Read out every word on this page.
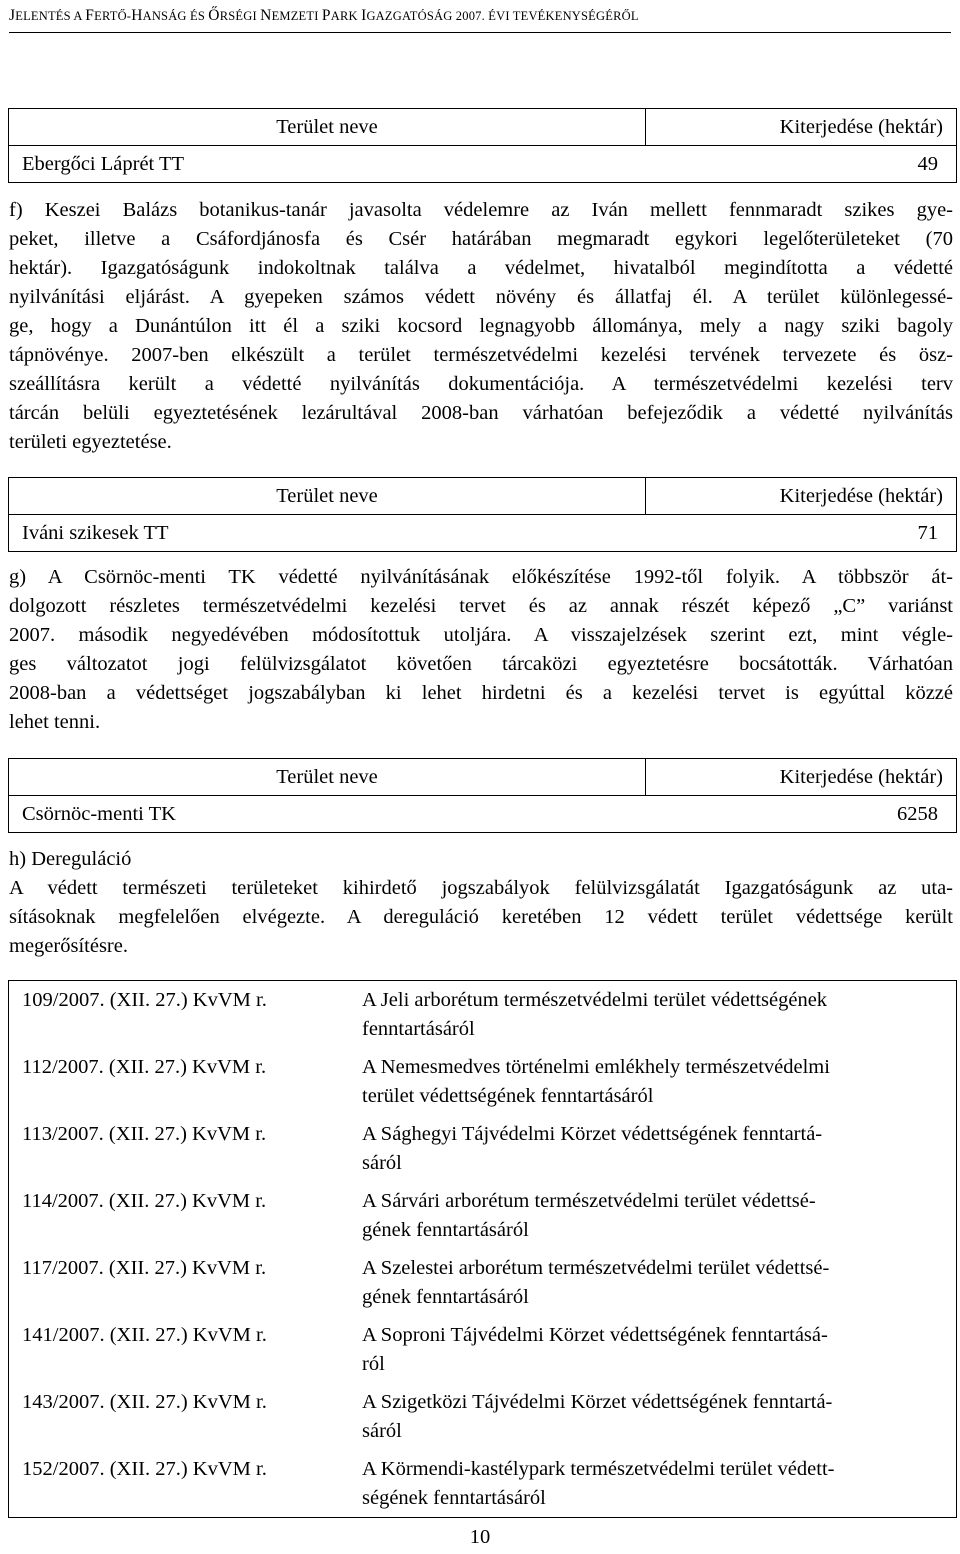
JELENTÉS A FERTŐ-HANSÁG ÉS ŐRSÉGI NEMZETI PARK IGAZGATÓSÁG 2007. ÉVI TEVÉKENYSÉGÉRŐL
Terület neve	Kiterjedése (hektár)

Ebergőci Láprét TT	49
f) Keszei Balázs botanikus-tanár javasolta védelemre az Iván mellett fennmaradt szikes gye-
peket, illetve a Csáfordjánosfa és Csér határában megmaradt egykori legelőterületeket (70
hektár). Igazgatóságunk indokoltnak találva a védelmet, hivatalból megindította a védetté
nyilvánítási eljárást. A gyepeken számos védett növény és állatfaj él. A terület különlegessé-
ge, hogy a Dunántúlon itt él a sziki kocsord legnagyobb állománya, mely a nagy sziki bagoly
tápnövénye. 2007-ben elkészült a terület természetvédelmi kezelési tervének tervezete és ösz-
szeállításra került a védetté nyilvánítás dokumentációja. A természetvédelmi kezelési terv
tárcán belüli egyeztetésének lezárultával 2008-ban várhatóan befejeződik a védetté nyilvánítás
területi egyeztetése.
Terület neve	Kiterjedése (hektár)

Iváni szikesek TT	71
g) A Csörnöc-menti TK védetté nyilvánításának előkészítése 1992-től folyik. A többször át-
dolgozott részletes természetvédelmi kezelési tervet és az annak részét képező „C” variánst
2007. második negyedévében módosítottuk utoljára. A visszajelzések szerint ezt, mint végle-
ges változatot jogi felülvizsgálatot követően tárcaközi egyeztetésre bocsátották. Várhatóan
2008-ban a védettséget jogszabályban ki lehet hirdetni és a kezelési tervet is egyúttal közzé
lehet tenni.
Terület neve	Kiterjedése (hektár)

Csörnöc-menti TK	6258
h) Dereguláció
A védett természeti területeket kihirdető jogszabályok felülvizsgálatát Igazgatóságunk az uta-
sításoknak megfelelően elvégezte. A dereguláció keretében 12 védett terület védettsége került
megerősítésre.
109/2007. (XII. 27.) KvVM r.	A Jeli arborétum természetvédelmi terület védettségének
fenntartásáról
112/2007. (XII. 27.) KvVM r.	A Nemesmedves történelmi emlékhely természetvédelmi
terület védettségének fenntartásáról
113/2007. (XII. 27.) KvVM r.	A Sághegyi Tájvédelmi Körzet védettségének fenntartá-
sáról
114/2007. (XII. 27.) KvVM r.	A Sárvári arborétum természetvédelmi terület védettsé-
gének fenntartásáról
117/2007. (XII. 27.) KvVM r.	A Szelestei arborétum természetvédelmi terület védettsé-
gének fenntartásáról
141/2007. (XII. 27.) KvVM r.	A Soproni Tájvédelmi Körzet védettségének fenntartásá-
ról
143/2007. (XII. 27.) KvVM r.	A Szigetközi Tájvédelmi Körzet védettségének fenntartá-
sáról
152/2007. (XII. 27.) KvVM r.	A Körmendi-kastélypark természetvédelmi terület védett-
ségének fenntartásáról
10
